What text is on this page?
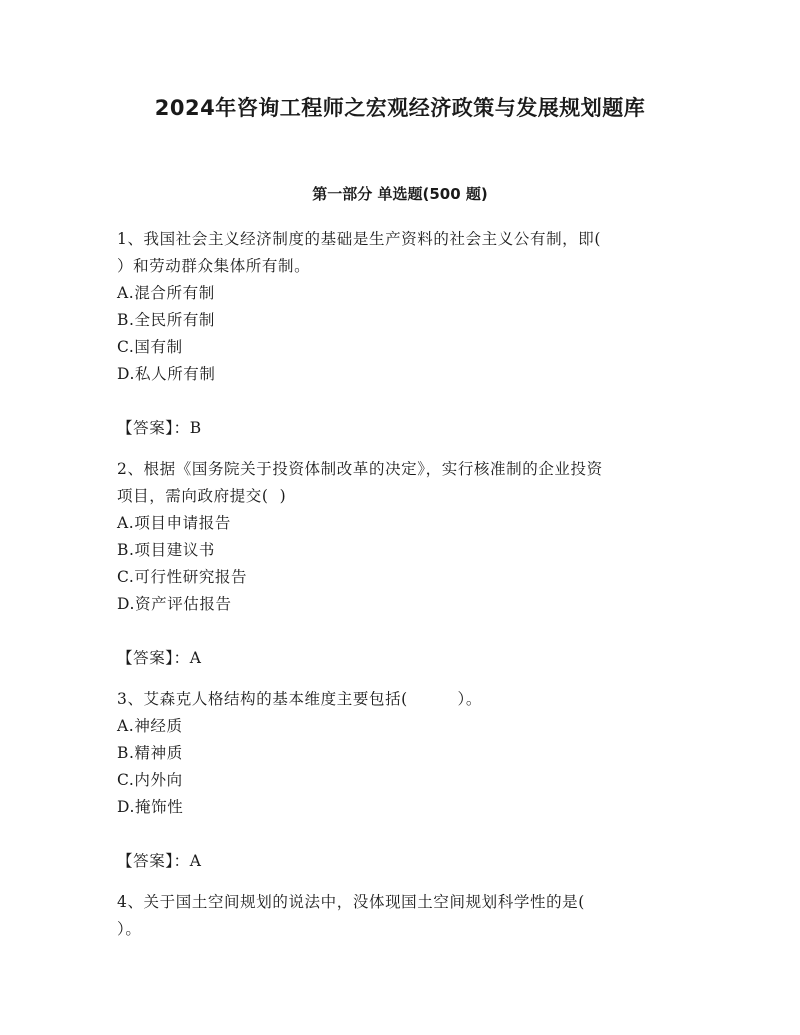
2024年咨询工程师之宏观经济政策与发展规划题库
第一部分 单选题(500 题)
1、我国社会主义经济制度的基础是生产资料的社会主义公有制，即(
）和劳动群众集体所有制。
A.混合所有制
B.全民所有制
C.国有制
D.私人所有制
【答案】：B
2、根据《国务院关于投资体制改革的决定》，实行核准制的企业投资
项目，需向政府提交(  )
A.项目申请报告
B.项目建议书
C.可行性研究报告
D.资产评估报告
【答案】：A
3、艾森克人格结构的基本维度主要包括(         ）。
A.神经质
B.精神质
C.内外向
D.掩饰性
【答案】：A
4、关于国土空间规划的说法中，没体现国土空间规划科学性的是(
）。
